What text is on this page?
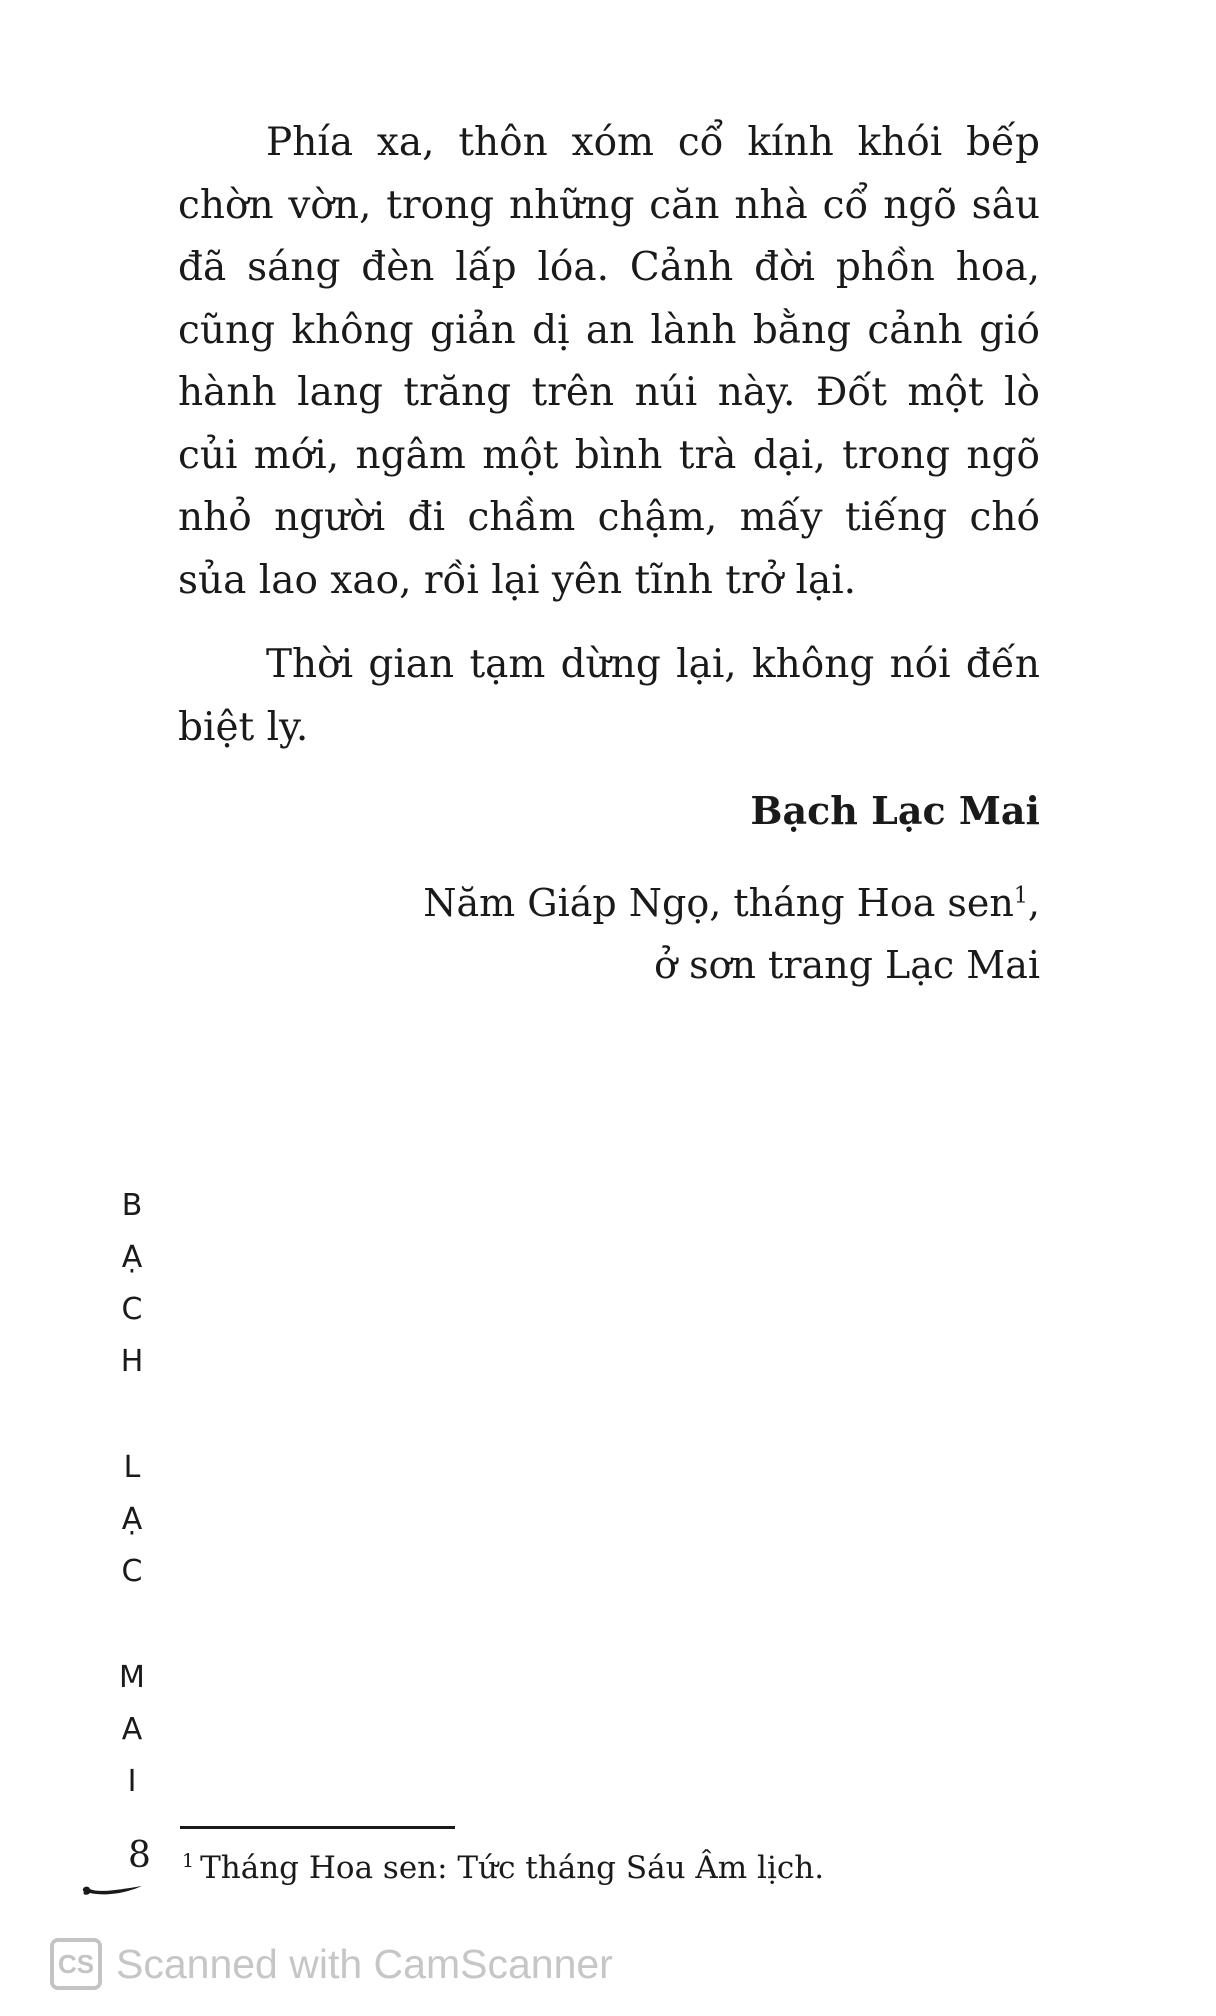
Phía xa, thôn xóm cổ kính khói bếp chờn vờn, trong những căn nhà cổ ngõ sâu đã sáng đèn lấp lóa. Cảnh đời phồn hoa, cũng không giản dị an lành bằng cảnh gió hành lang trăng trên núi này. Đốt một lò củi mới, ngâm một bình trà dại, trong ngõ nhỏ người đi chầm chậm, mấy tiếng chó sủa lao xao, rồi lại yên tĩnh trở lại.

Thời gian tạm dừng lại, không nói đến biệt ly.

Bạch Lạc Mai
Năm Giáp Ngọ, tháng Hoa sen$^1$,
ở sơn trang Lạc Mai
B
Ạ
C
H
L
Ạ
C
M
A
I
8 $^1$ Tháng Hoa sen: Tức tháng Sáu Âm lịch.
CS Scanned with CamScanner
